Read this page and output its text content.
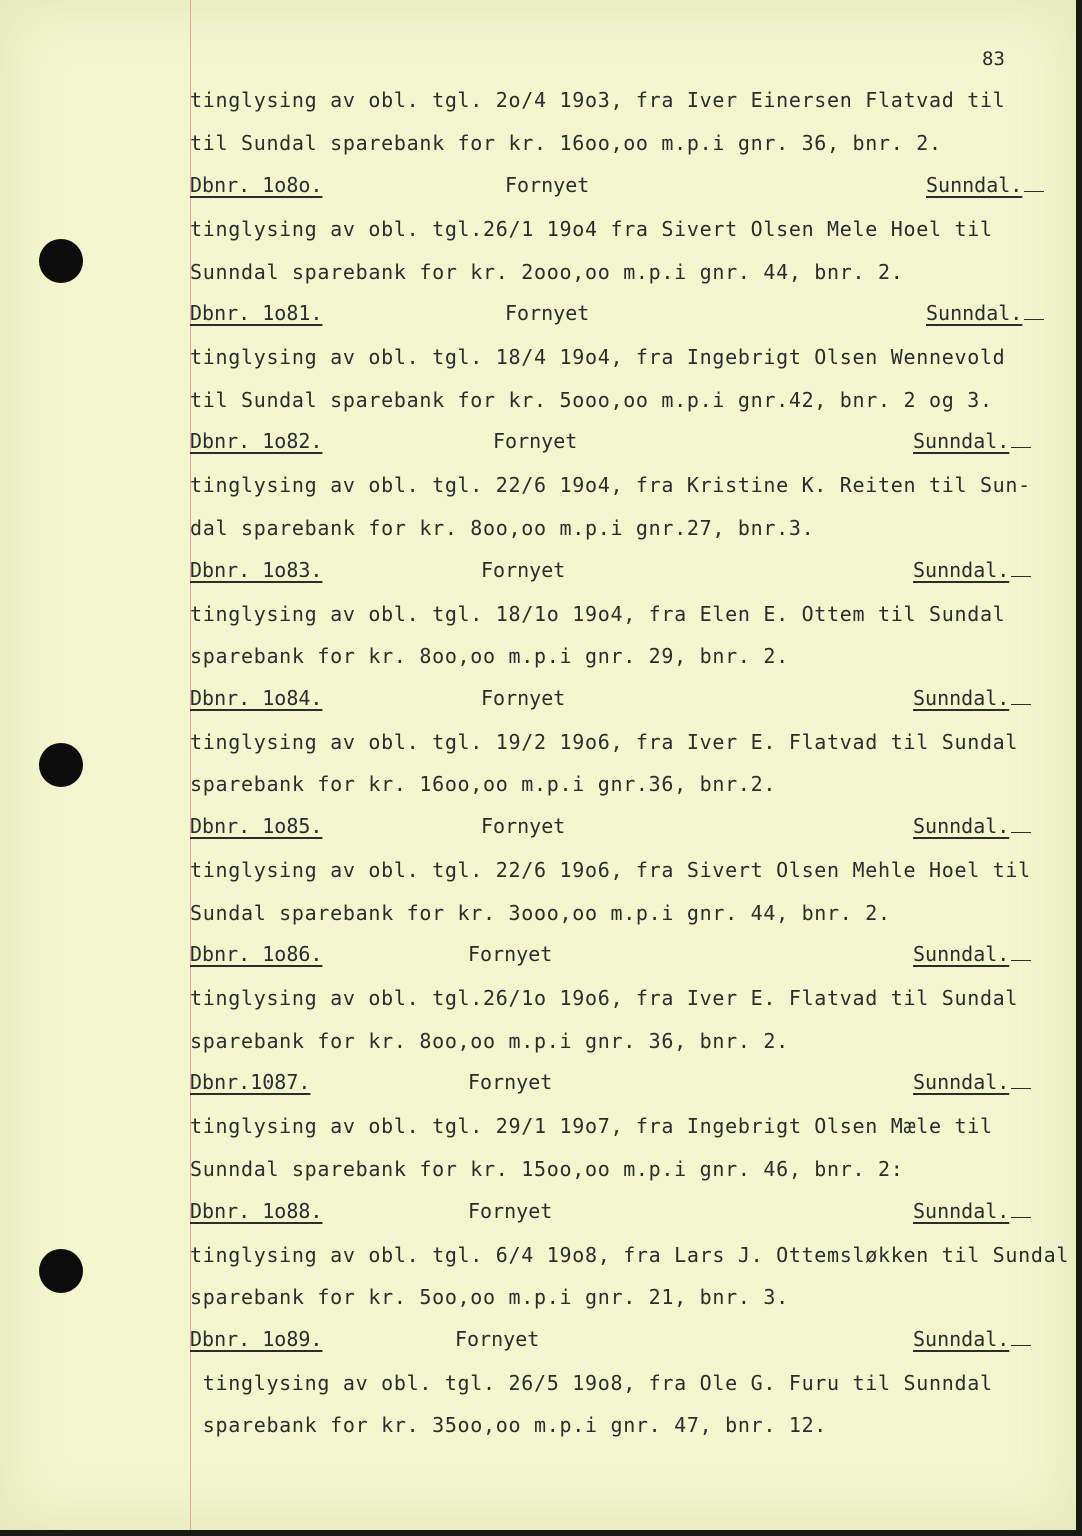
83
tinglysing av obl. tgl. 2o/4 19o3, fra Iver Einersen Flatvad til
til Sundal sparebank for kr. 16oo,oo m.p.i gnr. 36, bnr. 2.
Dbnr. 1o8o.	Fornyet	Sunndal.
tinglysing av obl. tgl.26/1 19o4 fra Sivert Olsen Mele Hoel til
Sunndal sparebank for kr. 2ooo,oo m.p.i gnr. 44, bnr. 2.
Dbnr. 1o81.	Fornyet	Sunndal.
tinglysing av obl. tgl. 18/4 19o4, fra Ingebrigt Olsen Wennevold
til Sundal sparebank for kr. 5ooo,oo m.p.i gnr.42, bnr. 2 og 3.
Dbnr. 1o82.	Fornyet	Sunndal.
tinglysing av obl. tgl. 22/6 19o4, fra Kristine K. Reiten til Sun-
dal sparebank for kr. 8oo,oo m.p.i gnr.27, bnr.3.
Dbnr. 1o83.	Fornyet	Sunndal.
tinglysing av obl. tgl. 18/1o 19o4, fra Elen E. Ottem til Sundal
sparebank for kr. 8oo,oo m.p.i gnr. 29, bnr. 2.
Dbnr. 1o84.	Fornyet	Sunndal.
tinglysing av obl. tgl. 19/2 19o6, fra Iver E. Flatvad til Sundal
sparebank for kr. 16oo,oo m.p.i gnr.36, bnr.2.
Dbnr. 1o85.	Fornyet	Sunndal.
tinglysing av obl. tgl. 22/6 19o6, fra Sivert Olsen Mehle Hoel til
Sundal sparebank for kr. 3ooo,oo m.p.i gnr. 44, bnr. 2.
Dbnr. 1o86.	Fornyet	Sunndal.
tinglysing av obl. tgl.26/1o 19o6, fra Iver E. Flatvad til Sundal
sparebank for kr. 8oo,oo m.p.i gnr. 36, bnr. 2.
Dbnr.1087.	Fornyet	Sunndal.
tinglysing av obl. tgl. 29/1 19o7, fra Ingebrigt Olsen Mæle til
Sunndal sparebank for kr. 15oo,oo m.p.i gnr. 46, bnr. 2:
Dbnr. 1o88.	Fornyet	Sunndal.
tinglysing av obl. tgl. 6/4 19o8, fra Lars J. Ottemsløkken til Sundal
sparebank for kr. 5oo,oo m.p.i gnr. 21, bnr. 3.
Dbnr. 1o89.	Fornyet	Sunndal.
tinglysing av obl. tgl. 26/5 19o8, fra Ole G. Furu til Sunndal
sparebank for kr. 35oo,oo m.p.i gnr. 47, bnr. 12.
